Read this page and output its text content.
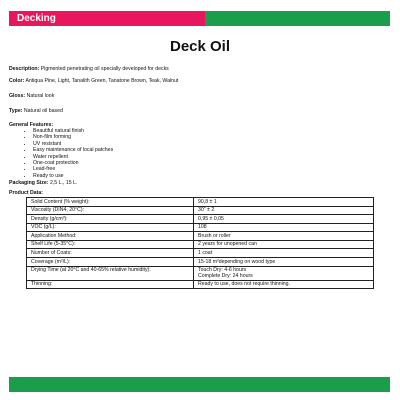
Decking
Deck Oil
Description: Pigmented penetrating oil specially developed for decks
Color: Antiqua Pine, Light, Tanalith Green, Tanatone Brown, Teak, Walnut
Gloss: Natural look
Type: Natural oil based
General Features:
• Beautiful natural finish
• Non-film forming
• UV resistant
• Easy maintenance of local patches
• Water repellent
• One-coat protection
• Lead-free
• Ready to use
Packaging Size: 2,5 L., 15 L.
Product Data:
Solid Content (% weight):	90,8 ± 1
Viscosity (DIN4, 20°C):	30" ± 2
Density (g/cm³):	0,95 ± 0,05
VOC (g/L):	108
Application Method:	Brush or roller
Shelf Life (5-35°C):	2 years for unopened can
Number of Coats:	1 coat
Coverage (m²/L):	15-18 m²depending on wood type
Drying Time (at 20°C and 40-65% relative humidity):	Touch Dry: 4-6 hours
Complete Dry: 24 hours

Thinning:	Ready to use, does not require thinning.
